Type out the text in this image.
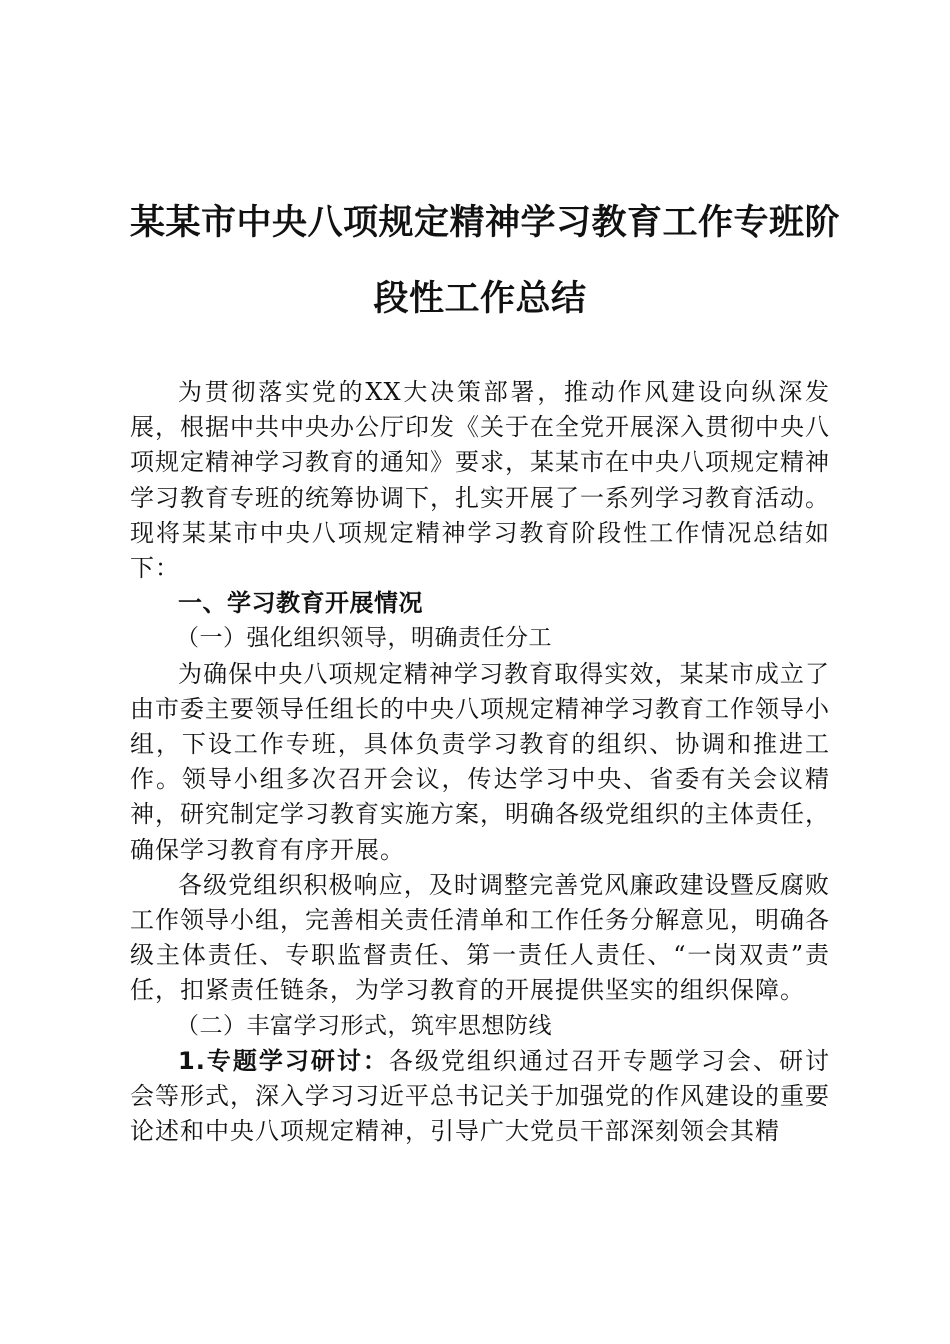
某某市中央八项规定精神学习教育工作专班阶
段性工作总结

为贯彻落实党的XX大决策部署，推动作风建设向纵深发展，根据中共中央办公厅印发《关于在全党开展深入贯彻中央八项规定精神学习教育的通知》要求，某某市在中央八项规定精神学习教育专班的统筹协调下，扎实开展了一系列学习教育活动。现将某某市中央八项规定精神学习教育阶段性工作情况总结如下：

一、学习教育开展情况

（一）强化组织领导，明确责任分工

为确保中央八项规定精神学习教育取得实效，某某市成立了由市委主要领导任组长的中央八项规定精神学习教育工作领导小组，下设工作专班，具体负责学习教育的组织、协调和推进工作。领导小组多次召开会议，传达学习中央、省委有关会议精神，研究制定学习教育实施方案，明确各级党组织的主体责任，确保学习教育有序开展。

各级党组织积极响应，及时调整完善党风廉政建设暨反腐败工作领导小组，完善相关责任清单和工作任务分解意见，明确各级主体责任、专职监督责任、第一责任人责任、“一岗双责”责任，扣紧责任链条，为学习教育的开展提供坚实的组织保障。

（二）丰富学习形式，筑牢思想防线

1.专题学习研讨：各级党组织通过召开专题学习会、研讨会等形式，深入学习习近平总书记关于加强党的作风建设的重要论述和中央八项规定精神，引导广大党员干部深刻领会其精
